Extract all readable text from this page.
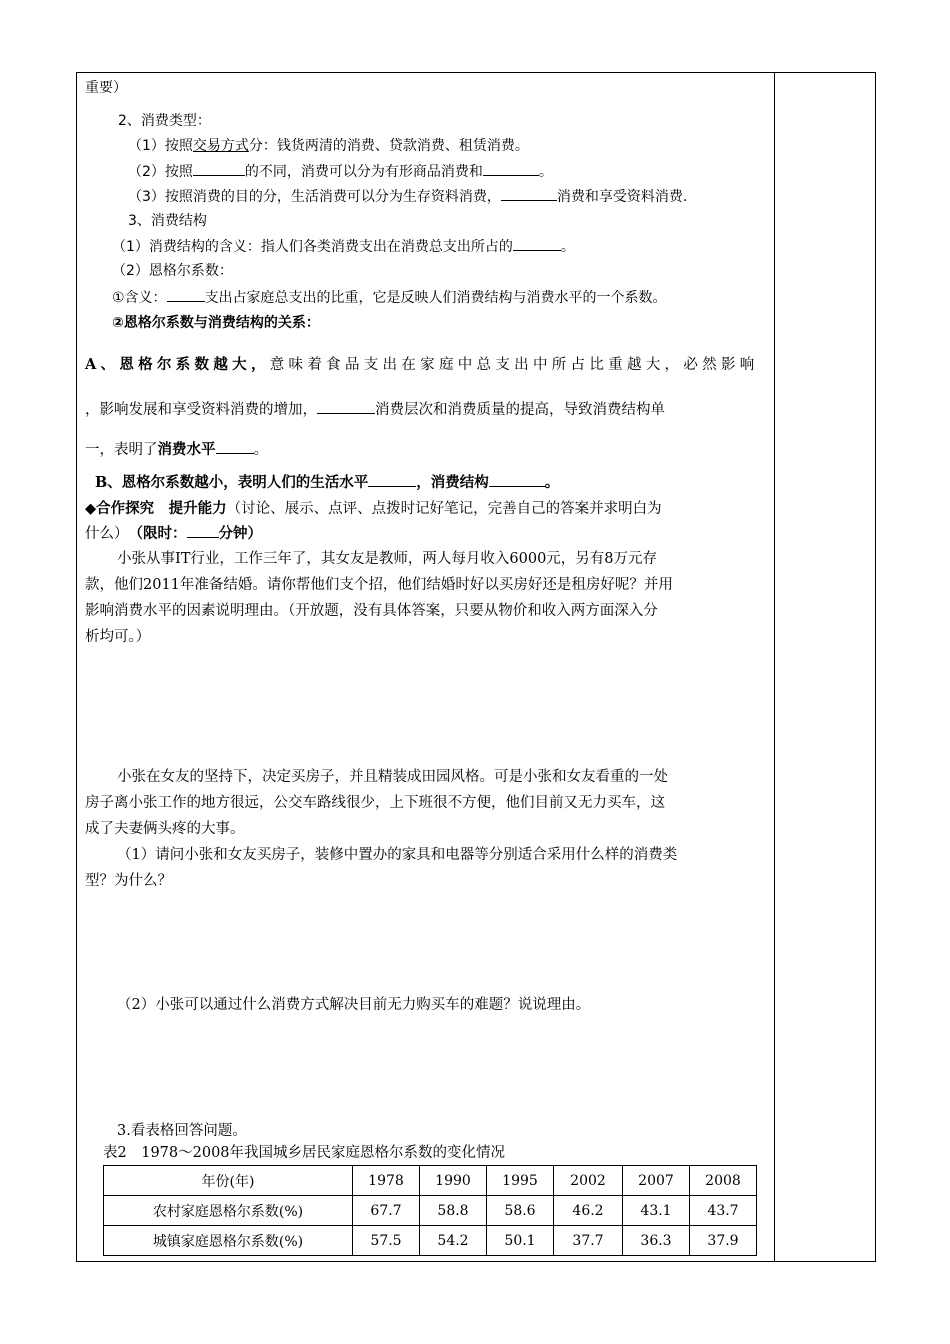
重要）
2、消费类型：
（1）按照交易方式分：钱货两清的消费、贷款消费、租赁消费。
（2）按照	的不同，消费可以分为有形商品消费和	。
（3）按照消费的目的分，生活消费可以分为生存资料消费，	消费和享受资料消费.
3、消费结构
（1）消费结构的含义：指人们各类消费支出在消费总支出所占的	。
（2）恩格尔系数：
①含义：	支出占家庭总支出的比重，它是反映人们消费结构与消费水平的一个系数。
②恩格尔系数与消费结构的关系：
A、恩格尔系数越大，意味着食品支出在家庭中总支出中所占比重越大，必然影响
，影响发展和享受资料消费的增加，	消费层次和消费质量的提高，导致消费结构单
一，表明了消费水平	。
B、恩格尔系数越小，表明人们的生活水平	，消费结构	。
◆合作探究　提升能力（讨论、展示、点评、点拨时记好笔记，完善自己的答案并求明白为
什么）　（限时： 分钟）
小张从事IT行业，工作三年了，其女友是教师，两人每月收入6000元，另有8万元存
款，他们2011年准备结婚。请你帮他们支个招，他们结婚时好以买房好还是租房好呢？并用
影响消费水平的因素说明理由。（开放题，没有具体答案，只要从物价和收入两方面深入分
析均可。）
小张在女友的坚持下，决定买房子，并且精装成田园风格。可是小张和女友看重的一处
房子离小张工作的地方很远，公交车路线很少，上下班很不方便，他们目前又无力买车，这
成了夫妻俩头疼的大事。
（1）请问小张和女友买房子，装修中置办的家具和电器等分别适合采用什么样的消费类
型？为什么？
（2）小张可以通过什么消费方式解决目前无力购买车的难题？说说理由。
3.看表格回答问题。
表2　1978～2008年我国城乡居民家庭恩格尔系数的变化情况
年份(年)	1978	1990	1995	2002	2007	2008
农村家庭恩格尔系数(%)	67.7	58.8	58.6	46.2	43.1	43.7
城镇家庭恩格尔系数(%)	57.5	54.2	50.1	37.7	36.3	37.9
